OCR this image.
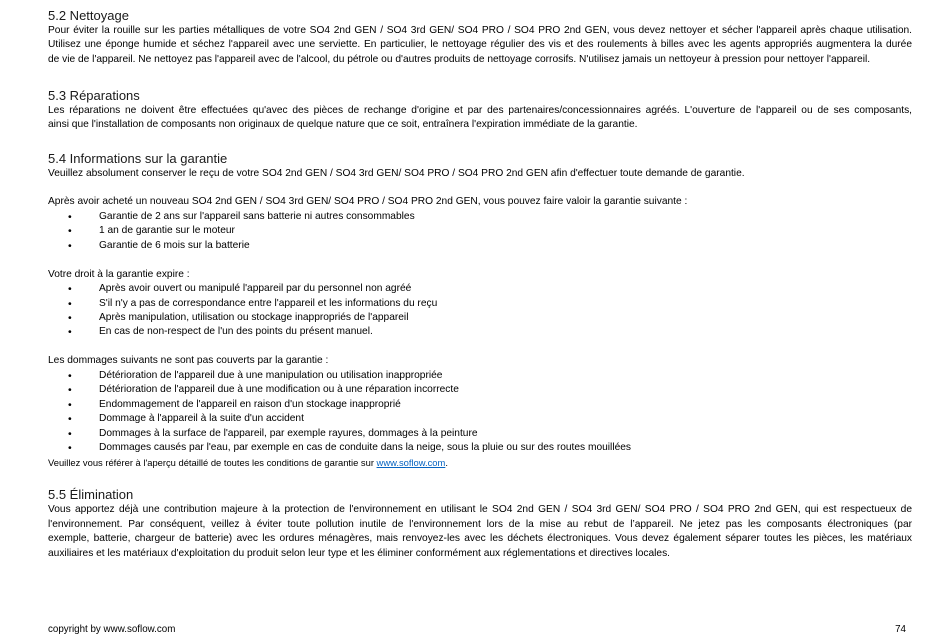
5.2 Nettoyage
Pour éviter la rouille sur les parties métalliques de votre SO4 2nd GEN / SO4 3rd GEN/ SO4 PRO / SO4 PRO 2nd GEN, vous devez nettoyer et sécher l'appareil après chaque utilisation.
Utilisez une éponge humide et séchez l'appareil avec une serviette. En particulier, le nettoyage régulier des vis et des roulements à billes avec les agents appropriés augmentera la durée
de vie de l'appareil. Ne nettoyez pas l'appareil avec de l'alcool, du pétrole ou d'autres produits de nettoyage corrosifs. N'utilisez jamais un nettoyeur à pression pour nettoyer l'appareil.
5.3 Réparations
Les réparations ne doivent être effectuées qu'avec des pièces de rechange d'origine et par des partenaires/concessionnaires agréés. L'ouverture de l'appareil ou de ses composants,
ainsi que l'installation de composants non originaux de quelque nature que ce soit, entraînera l'expiration immédiate de la garantie.
5.4 Informations sur la garantie
Veuillez absolument conserver le reçu de votre SO4 2nd GEN / SO4 3rd GEN/ SO4 PRO / SO4 PRO 2nd GEN afin d'effectuer toute demande de garantie.
Après avoir acheté un nouveau SO4 2nd GEN / SO4 3rd GEN/ SO4 PRO / SO4 PRO 2nd GEN, vous pouvez faire valoir la garantie suivante :
•	Garantie de 2 ans sur l'appareil sans batterie ni autres consommables
•	1 an de garantie sur le moteur
•	Garantie de 6 mois sur la batterie
Votre droit à la garantie expire :
•	Après avoir ouvert ou manipulé l'appareil par du personnel non agréé
•	S'il n'y a pas de correspondance entre l'appareil et les informations du reçu
•	Après manipulation, utilisation ou stockage inappropriés de l'appareil
•	En cas de non-respect de l'un des points du présent manuel.
Les dommages suivants ne sont pas couverts par la garantie :
•	Détérioration de l'appareil due à une manipulation ou utilisation inappropriée
•	Détérioration de l'appareil due à une modification ou à une réparation incorrecte
•	Endommagement de l'appareil en raison d'un stockage inapproprié
•	Dommage à l'appareil à la suite d'un accident
•	Dommages à la surface de l'appareil, par exemple rayures, dommages à la peinture
•	Dommages causés par l'eau, par exemple en cas de conduite dans la neige, sous la pluie ou sur des routes mouillées
Veuillez vous référer à l'aperçu détaillé de toutes les conditions de garantie sur www.soflow.com.
5.5 Élimination
Vous apportez déjà une contribution majeure à la protection de l'environnement en utilisant le SO4 2nd GEN / SO4 3rd GEN/ SO4 PRO / SO4 PRO 2nd GEN, qui est respectueux de
l'environnement. Par conséquent, veillez à éviter toute pollution inutile de l'environnement lors de la mise au rebut de l’appareil. Ne jetez pas les composants électroniques (par
exemple, batterie, chargeur de batterie) avec les ordures ménagères, mais renvoyez-les avec les déchets électroniques. Vous devez également séparer toutes les pièces, les matériaux
auxiliaires et les matériaux d'exploitation du produit selon leur type et les éliminer conformément aux réglementations et directives locales.
copyright by www.soflow.com	74
